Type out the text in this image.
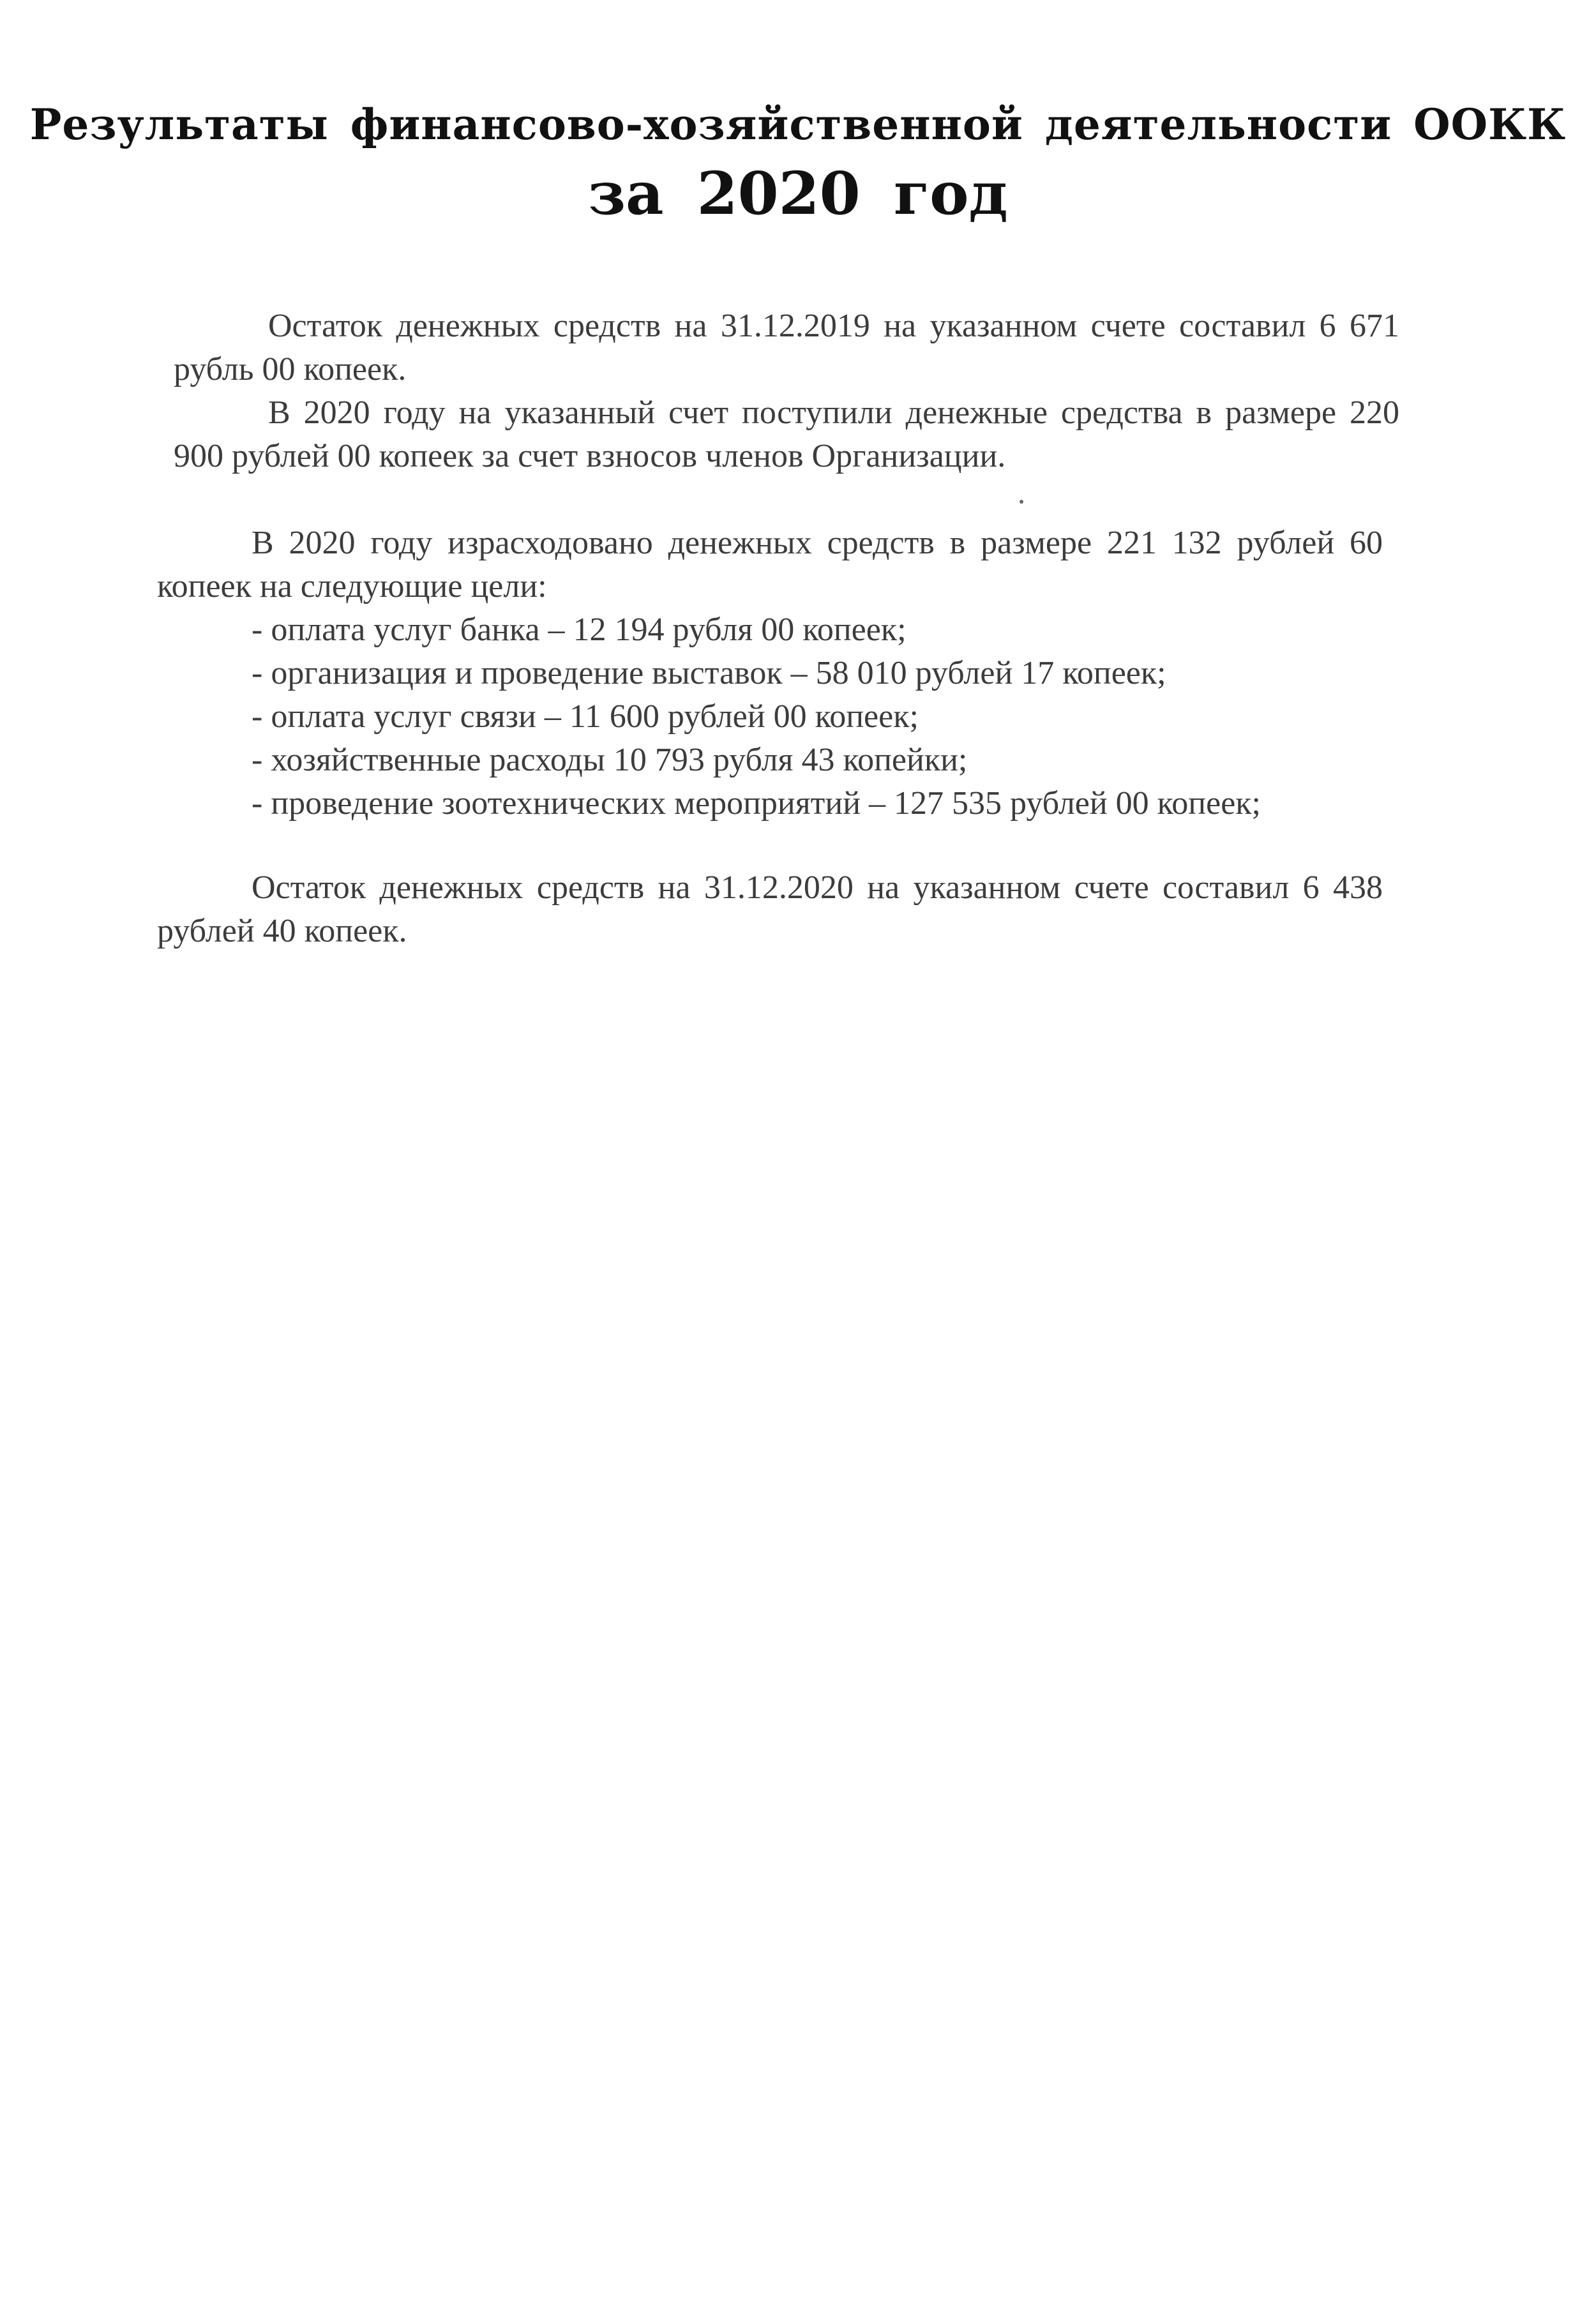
Результаты финансово-хозяйственной деятельности ООКК
за 2020 год

Остаток денежных средств на 31.12.2019 на указанном счете составил 6 671 рубль 00 копеек.

В 2020 году на указанный счет поступили денежные средства в размере 220 900 рублей 00 копеек за счет взносов членов Организации.

В 2020 году израсходовано денежных средств в размере 221 132 рублей 60 копеек на следующие цели:

- оплата услуг банка – 12 194 рубля 00 копеек;
- организация и проведение выставок – 58 010 рублей 17 копеек;
- оплата услуг связи – 11 600 рублей 00 копеек;
- хозяйственные расходы 10 793 рубля 43 копейки;
- проведение зоотехнических мероприятий – 127 535 рублей 00 копеек;

Остаток денежных средств на 31.12.2020 на указанном счете составил 6 438 рублей 40 копеек.
